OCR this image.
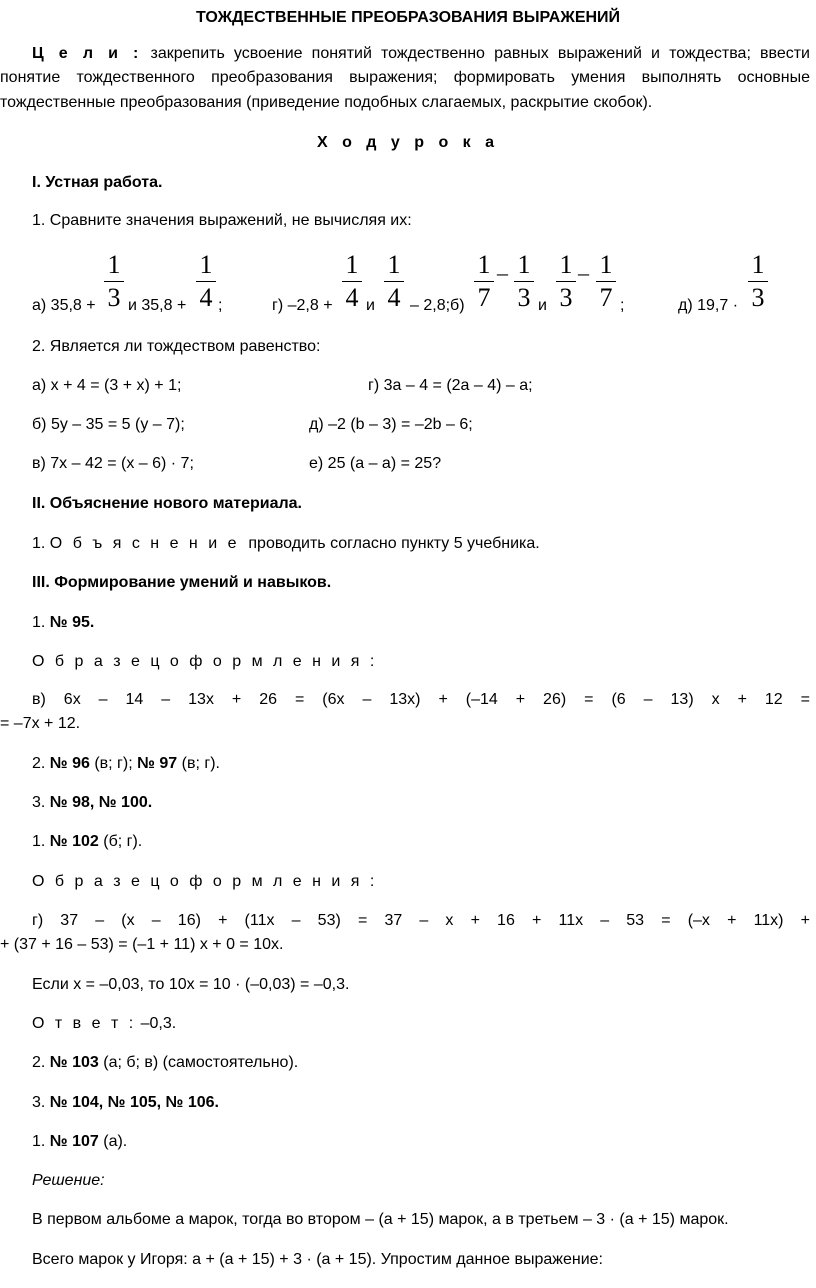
ТОЖДЕСТВЕННЫЕ ПРЕОБРАЗОВАНИЯ ВЫРАЖЕНИЙ
Ц е л и : закрепить усвоение понятий тождественно равных выражений и тождества; ввести
понятие тождественного преобразования выражения; формировать умения выполнять основные
тождественные преобразования (приведение подобных слагаемых, раскрытие скобок).
Х о д у р о к а
I. Устная работа.
1. Сравните значения выражений, не вычисляя их:
а) 35,8 +
1
3 и 35,8 +
1
4 ;	г) –2,8 +
1
4 и
1
4 – 2,8;б)
1
7
– 1
3 и
1
3
– 1
7 ;	д) 19,7 ·
1
3
2. Является ли тождеством равенство:
а) x + 4 = (3 + x) + 1;	г) 3a – 4 = (2a – 4) – a;
б) 5y – 35 = 5 (y – 7);	д) –2 (b – 3) = –2b – 6;
в) 7x – 42 = (x – 6) · 7;	е) 25 (a – a) = 25?
II. Объяснение нового материала.
1. О б ъ я с н е н и е проводить согласно пункту 5 учебника.
III. Формирование умений и навыков.
1. № 95.
О б р а з е ц о ф о р м л е н и я :
в) 6x – 14 – 13x + 26 = (6x – 13x) + (–14 + 26) = (6 – 13) x + 12 =
= –7x + 12.
2. № 96 (в; г); № 97 (в; г).
3. № 98, № 100.
1. № 102 (б; г).
О б р а з е ц о ф о р м л е н и я :
г) 37 – (x – 16) + (11x – 53) = 37 – x + 16 + 11x – 53 = (–x + 11x) +
+ (37 + 16 – 53) = (–1 + 11) x + 0 = 10x.
Если x = –0,03, то 10x = 10 · (–0,03) = –0,3.
О т в е т : –0,3.
2. № 103 (а; б; в) (самостоятельно).
3. № 104, № 105, № 106.
1. № 107 (а).
Решение:
В первом альбоме a марок, тогда во втором – (a + 15) марок, а в третьем – 3 · (a + 15) марок.
Всего марок у Игоря: a + (a + 15) + 3 · (a + 15). Упростим данное выражение:
